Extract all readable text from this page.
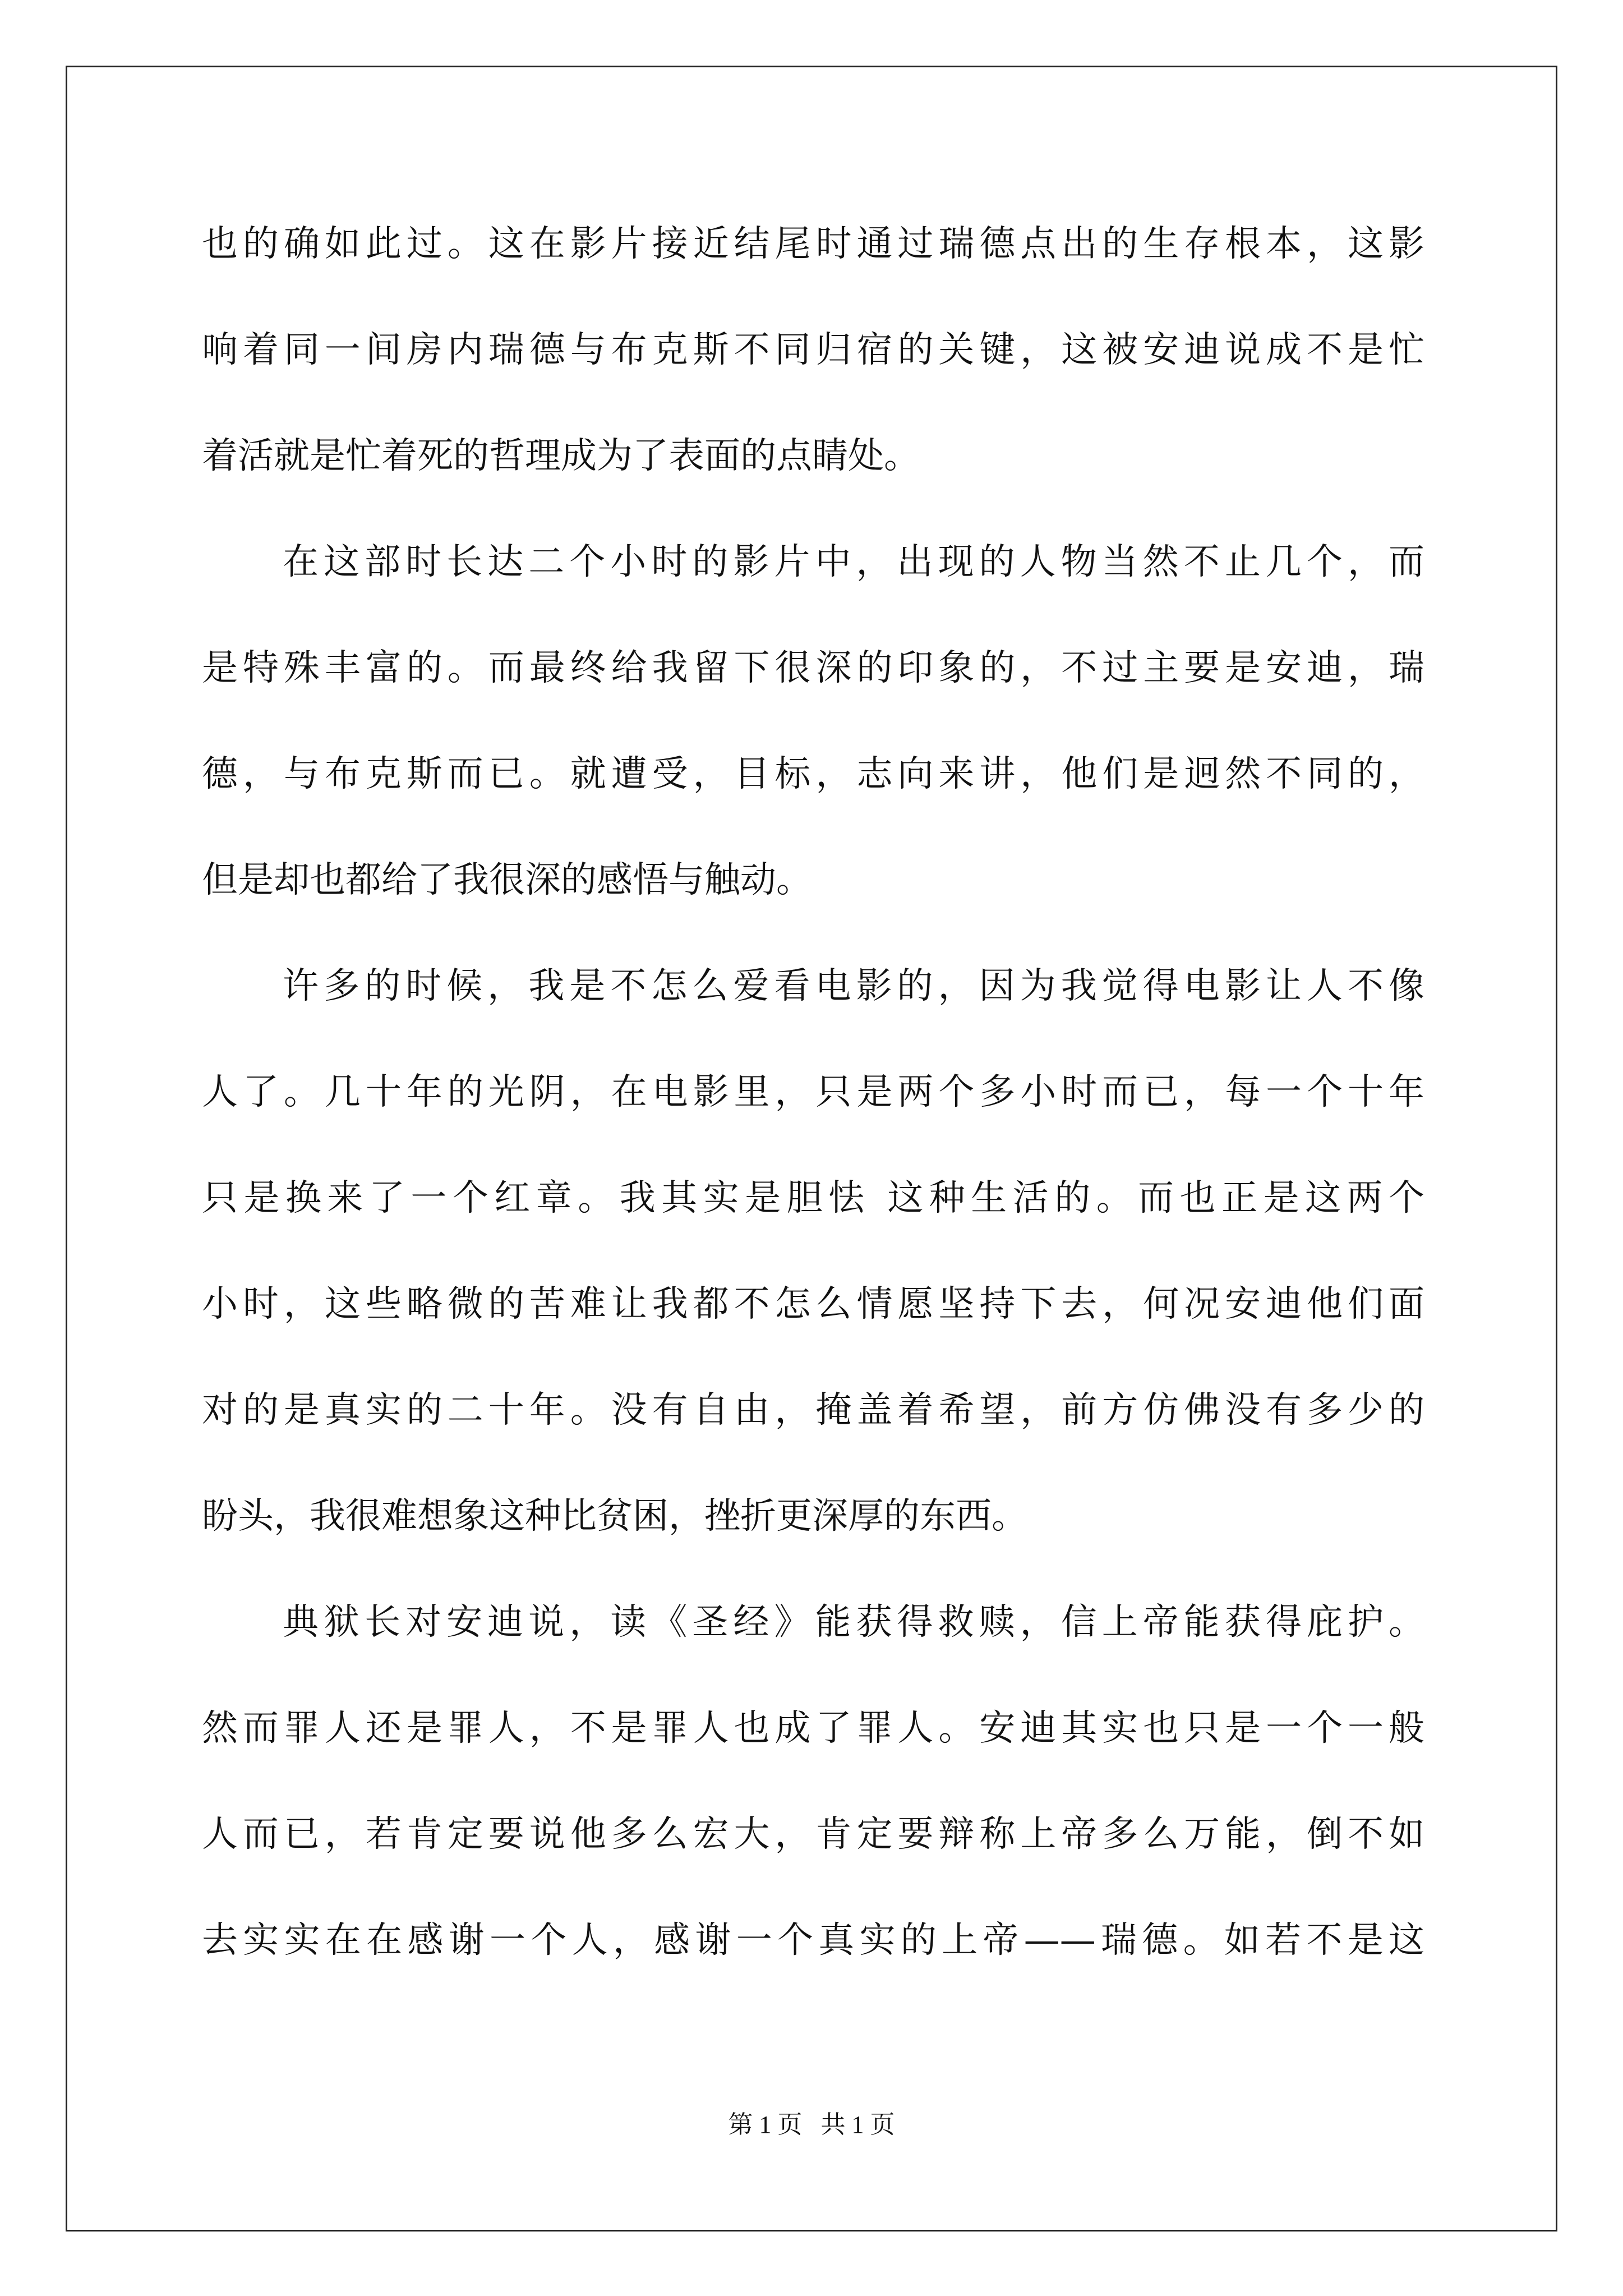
也的确如此过。这在影片接近结尾时通过瑞德点出的生存根本，这影
响着同一间房内瑞德与布克斯不同归宿的关键，这被安迪说成不是忙
着活就是忙着死的哲理成为了表面的点睛处。
在这部时长达二个小时的影片中，出现的人物当然不止几个，而
是特殊丰富的。而最终给我留下很深的印象的，不过主要是安迪，瑞
德，与布克斯而已。就遭受，目标，志向来讲，他们是迥然不同的，
但是却也都给了我很深的感悟与触动。
许多的时候，我是不怎么爱看电影的，因为我觉得电影让人不像
人了。几十年的光阴，在电影里，只是两个多小时而已，每一个十年
只是换来了一个红章。我其实是胆怯 这种生活的。而也正是这两个
小时，这些略微的苦难让我都不怎么情愿坚持下去，何况安迪他们面
对的是真实的二十年。没有自由，掩盖着希望，前方仿佛没有多少的
盼头，我很难想象这种比贫困，挫折更深厚的东西。
典狱长对安迪说，读《圣经》能获得救赎，信上帝能获得庇护。
然而罪人还是罪人，不是罪人也成了罪人。安迪其实也只是一个一般
人而已，若肯定要说他多么宏大，肯定要辩称上帝多么万能，倒不如
去实实在在感谢一个人，感谢一个真实的上帝——瑞德。如若不是这
第 1 页   共 1 页
